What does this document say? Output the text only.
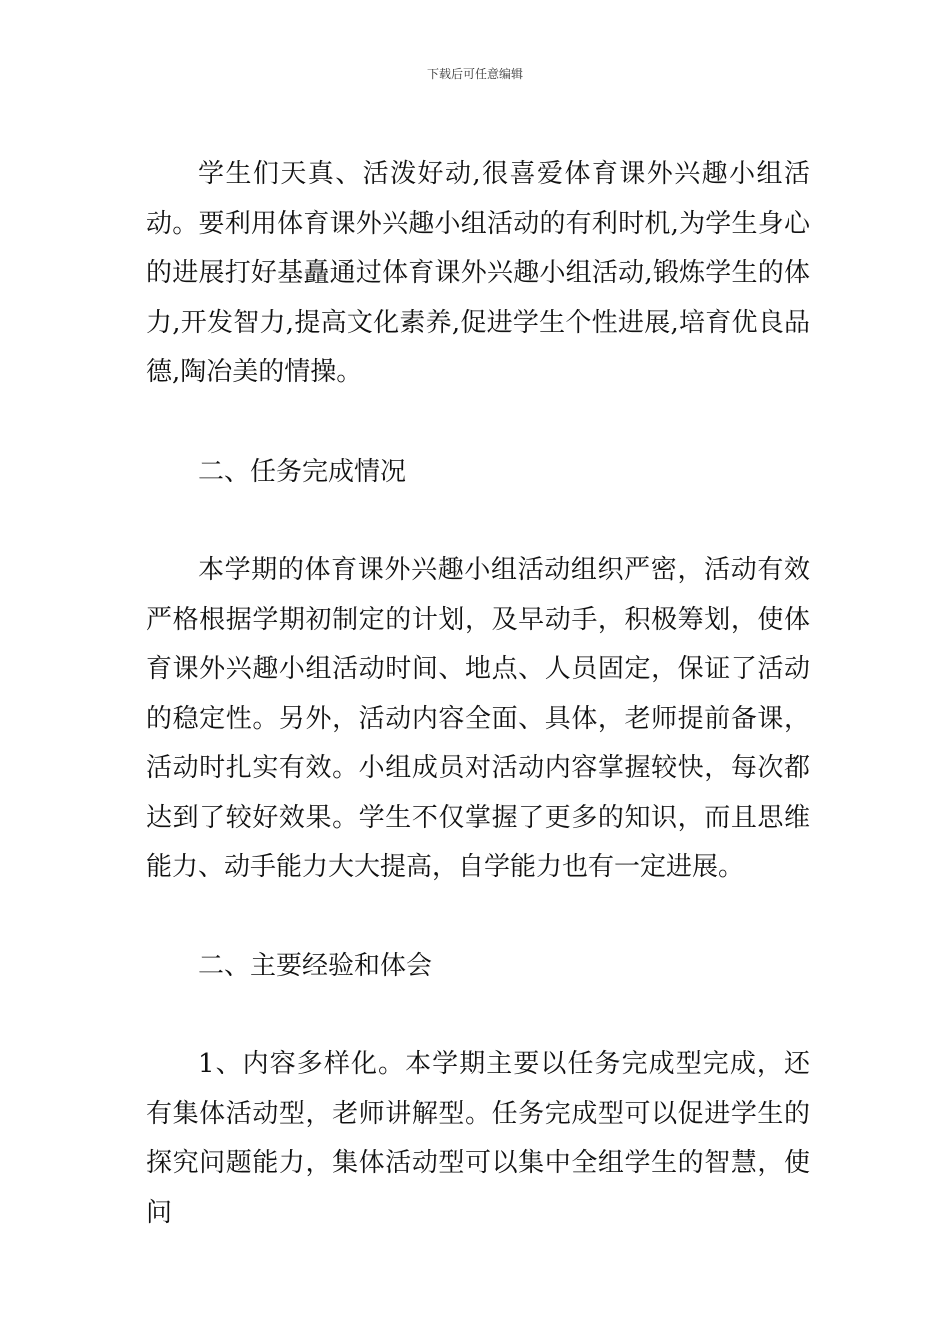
下载后可任意编辑

学生们天真、活泼好动,很喜爱体育课外兴趣小组活动。要利用体育课外兴趣小组活动的有利时机,为学生身心的进展打好基矗通过体育课外兴趣小组活动,锻炼学生的体力,开发智力,提高文化素养,促进学生个性进展,培育优良品德,陶冶美的情操。

二、任务完成情况

本学期的体育课外兴趣小组活动组织严密，活动有效严格根据学期初制定的计划，及早动手，积极筹划，使体育课外兴趣小组活动时间、地点、人员固定，保证了活动的稳定性。另外，活动内容全面、具体，老师提前备课，活动时扎实有效。小组成员对活动内容掌握较快，每次都达到了较好效果。学生不仅掌握了更多的知识，而且思维能力、动手能力大大提高，自学能力也有一定进展。

二、主要经验和体会

1、内容多样化。本学期主要以任务完成型完成，还有集体活动型，老师讲解型。任务完成型可以促进学生的探究问题能力，集体活动型可以集中全组学生的智慧，使问
